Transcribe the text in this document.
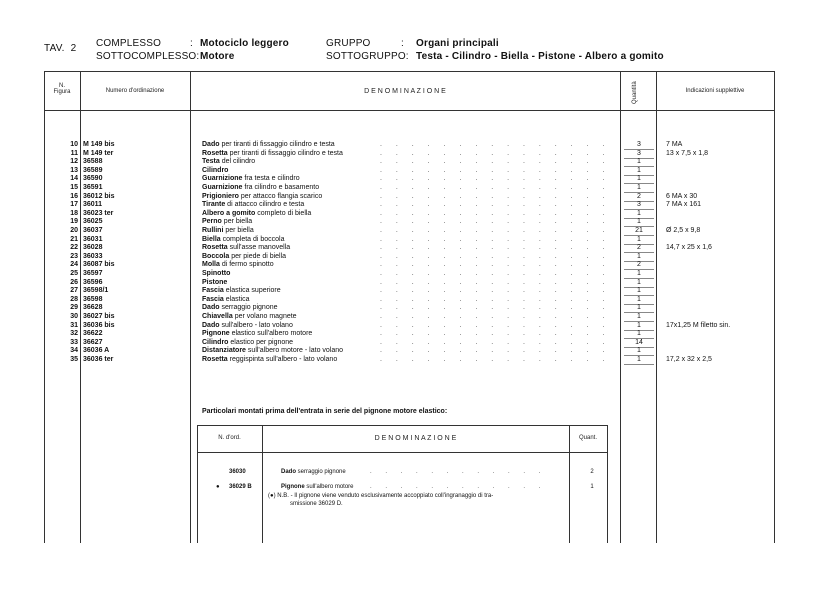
TAV. 2 COMPLESSO	: Motociclo leggero
SOTTOCOMPLESSO: Motore
GRUPPO	: Organi principali
SOTTOGRUPPO: Testa - Cilindro - Biella - Pistone - Albero a gomito
N.
Figura	Numero d'ordinazione	D E N O M I N A Z I O N E	Quantità	Indicazioni supplettive
10 M 149 bis	Dado per tiranti di fissaggio cilindro e testa	. . . . . . . . . . . . . . .	3	7 MA
11 M 149 ter	Rosetta per tiranti di fissaggio cilindro e testa	. . . . . . . . . . . . . . .	3	13 x 7,5 x 1,8
12 36588	Testa del cilindro	. . . . . . . . . . . . . . .	1
13 36589	Cilindro	. . . . . . . . . . . . . . .	1
14 36590	Guarnizione fra testa e cilindro	. . . . . . . . . . . . . . .	1
15 36591	Guarnizione fra cilindro e basamento	. . . . . . . . . . . . . . .	1
16 36012 bis	Prigioniero per attacco flangia scarico	. . . . . . . . . . . . . . .	2	6 MA x 30
17 36011	Tirante di attacco cilindro e testa	. . . . . . . . . . . . . . .	3	7 MA x 161
18 36023 ter	Albero a gomito completo di biella	. . . . . . . . . . . . . . .	1
19 36025	Perno per biella	. . . . . . . . . . . . . . .	1
20 36037	Rullini per biella	. . . . . . . . . . . . . . .	21	Ø 2,5 x 9,8
21 36031	Biella completa di boccola	. . . . . . . . . . . . . . .	1
22 36028	Rosetta sull'asse manovella	. . . . . . . . . . . . . . .	2	14,7 x 25 x 1,6
23 36033	Boccola per piede di biella	. . . . . . . . . . . . . . .	1
24 36087 bis	Molla di fermo spinotto	. . . . . . . . . . . . . . .	2
25 36597	Spinotto	. . . . . . . . . . . . . . .	1
26 36596	Pistone	. . . . . . . . . . . . . . .	1
27 36598/1	Fascia elastica superiore	. . . . . . . . . . . . . . .	1
28 36598	Fascia elastica	. . . . . . . . . . . . . . .	1
29 36628	Dado serraggio pignone	. . . . . . . . . . . . . . .	1
30 36027 bis	Chiavella per volano magnete	. . . . . . . . . . . . . . .	1
31 36036 bis	Dado sull'albero - lato volano	. . . . . . . . . . . . . . .	1	17x1,25 M filetto sin.
32 36622	Pignone elastico sull'albero motore	. . . . . . . . . . . . . . .	1
33 36627	Cilindro elastico per pignone	. . . . . . . . . . . . . . .	14
34 36036 A	Distanziatore sull'albero motore - lato volano	. . . . . . . . . . . . . . .	1
35 36036 ter	Rosetta reggispinta sull'albero - lato volano	. . . . . . . . . . . . . . .	1	17,2 x 32 x 2,5
Particolari montati prima dell'entrata in serie del pignone motore elastico:
N. d'ord.	D E N O M I N A Z I O N E	Quant.
36030	Dado serraggio pignone	. . . . . . . . . . . .	2
● 36029 B	Pignone sull'albero motore	. . . . . . . . . . . .	1
(●) N.B. - Il pignone viene venduto esclusivamente accoppiato coll'ingranaggio di tra-
smissione 36029 D.
